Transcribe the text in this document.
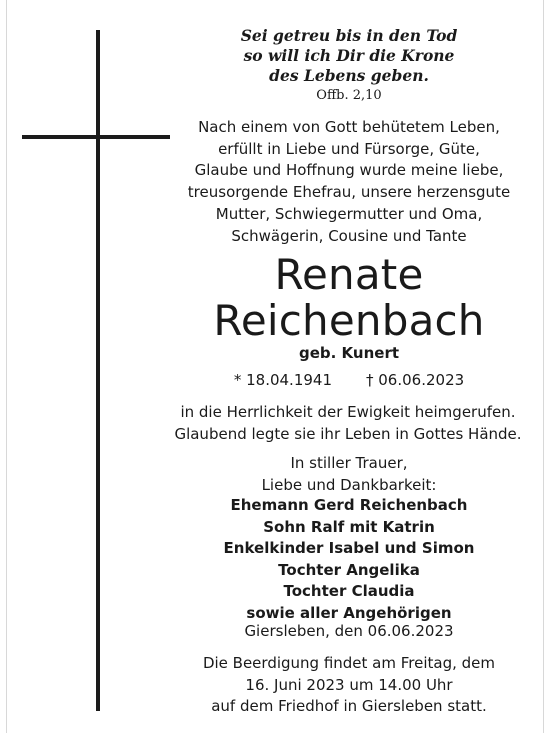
Sei getreu bis in den Tod
so will ich Dir die Krone
des Lebens geben.
Offb. 2,10
Nach einem von Gott behütetem Leben,
erfüllt in Liebe und Fürsorge, Güte,
Glaube und Hoffnung wurde meine liebe,
treusorgende Ehefrau, unsere herzensgute
Mutter, Schwiegermutter und Oma,
Schwägerin, Cousine und Tante
Renate
Reichenbach
geb. Kunert
* 18.04.1941 † 06.06.2023
in die Herrlichkeit der Ewigkeit heimgerufen.
Glaubend legte sie ihr Leben in Gottes Hände.
In stiller Trauer,
Liebe und Dankbarkeit:
Ehemann Gerd Reichenbach
Sohn Ralf mit Katrin
Enkelkinder Isabel und Simon
Tochter Angelika
Tochter Claudia
sowie aller Angehörigen
Giersleben, den 06.06.2023
Die Beerdigung findet am Freitag, dem
16. Juni 2023 um 14.00 Uhr
auf dem Friedhof in Giersleben statt.
